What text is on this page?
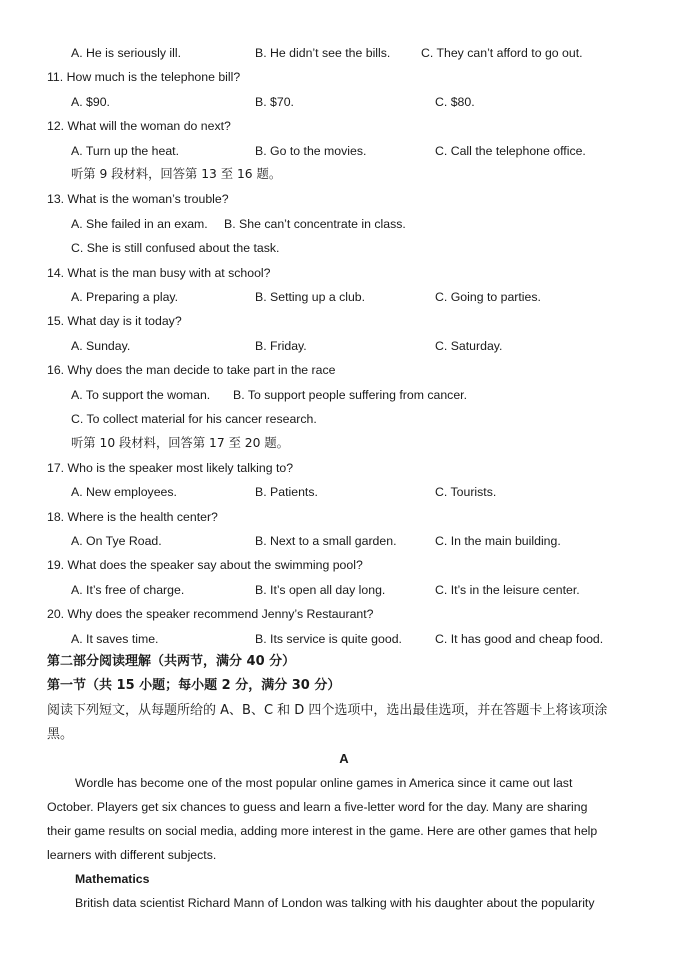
A. He is seriously ill.	B. He didn’t see the bills. C. They can’t afford to go out.
11. How much is the telephone bill?
A. $90.	B. $70.	C. $80.
12. What will the woman do next?
A. Turn up the heat.	B. Go to the movies.	C. Call the telephone office.
听第 9 段材料，回答第 13 至 16 题。
13. What is the woman’s trouble?
A. She failed in an exam. B. She can’t concentrate in class.
C. She is still confused about the task.
14. What is the man busy with at school?
A. Preparing a play.	B. Setting up a club.	C. Going to parties.
15. What day is it today?
A. Sunday.	B. Friday.	C. Saturday.
16. Why does the man decide to take part in the race
A. To support the woman. B. To support people suffering from cancer.
C. To collect material for his cancer research.
听第 10 段材料，回答第 17 至 20 题。
17. Who is the speaker most likely talking to?
A. New employees.	B. Patients.	C. Tourists.
18. Where is the health center?
A. On Tye Road.	B. Next to a small garden.	C. In the main building.
19. What does the speaker say about the swimming pool?
A. It’s free of charge.	B. It’s open all day long.	C. It’s in the leisure center.
20. Why does the speaker recommend Jenny’s Restaurant?
A. It saves time.	B. Its service is quite good.	C. It has good and cheap food.
第二部分阅读理解（共两节，满分 40 分）
第一节（共 15 小题；每小题 2 分，满分 30 分）
阅读下列短文，从每题所给的 A、B、C 和 D 四个选项中，选出最佳选项，并在答题卡上将该项涂
黑。
A
Wordle has become one of the most popular online games in America since it came out last
October. Players get six chances to guess and learn a five-letter word for the day. Many are sharing
their game results on social media, adding more interest in the game. Here are other games that help
learners with different subjects.
Mathematics
British data scientist Richard Mann of London was talking with his daughter about the popularity
